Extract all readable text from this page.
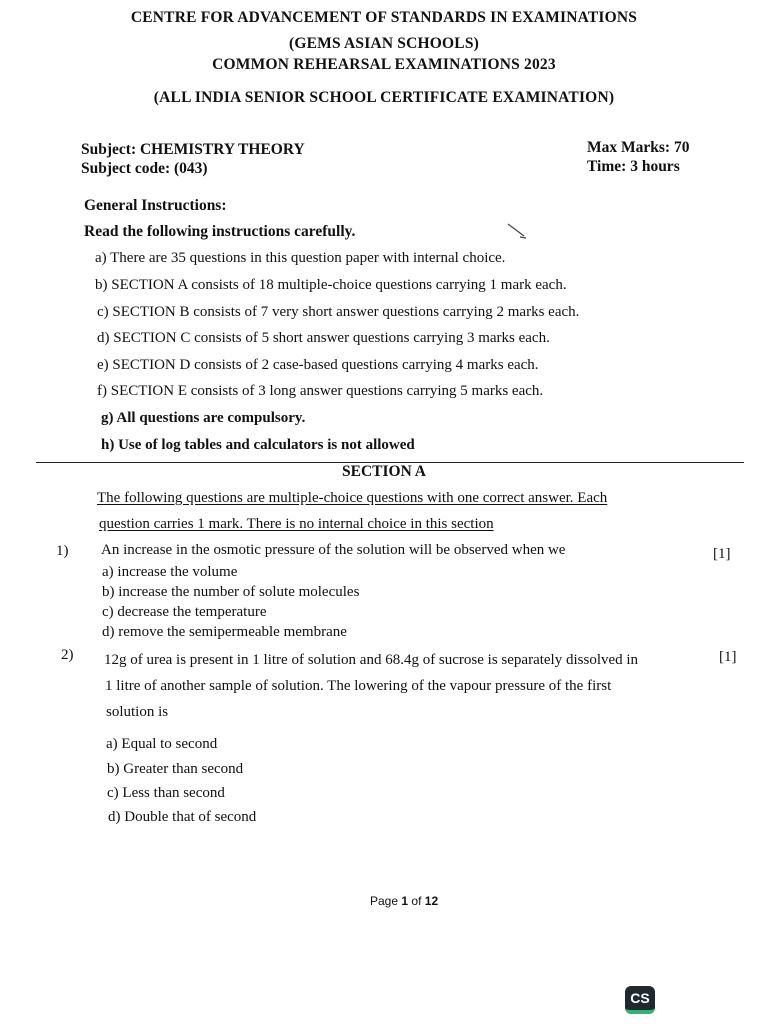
CENTRE FOR ADVANCEMENT OF STANDARDS IN EXAMINATIONS
(GEMS ASIAN SCHOOLS)
COMMON REHEARSAL EXAMINATIONS 2023
(ALL INDIA SENIOR SCHOOL CERTIFICATE EXAMINATION)
Subject: CHEMISTRY THEORY
Subject code: (043)
Max Marks: 70
Time: 3 hours
General Instructions:
Read the following instructions carefully.
a) There are 35 questions in this question paper with internal choice.
b) SECTION A consists of 18 multiple-choice questions carrying 1 mark each.
c) SECTION B consists of 7 very short answer questions carrying 2 marks each.
d) SECTION C consists of 5 short answer questions carrying 3 marks each.
e) SECTION D consists of 2 case-based questions carrying 4 marks each.
f) SECTION E consists of 3 long answer questions carrying 5 marks each.
g) All questions are compulsory.
h) Use of log tables and calculators is not allowed
SECTION A
The following questions are multiple-choice questions with one correct answer. Each
question carries 1 mark. There is no internal choice in this section
1) An increase in the osmotic pressure of the solution will be observed when we	[1]
a) increase the volume
b) increase the number of solute molecules
c) decrease the temperature
d) remove the semipermeable membrane
2) 12g of urea is present in 1 litre of solution and 68.4g of sucrose is separately dissolved in	[1]
1 litre of another sample of solution. The lowering of the vapour pressure of the first
solution is
a) Equal to second
b) Greater than second
c) Less than second
d) Double that of second
Page 1 of 12
CS
